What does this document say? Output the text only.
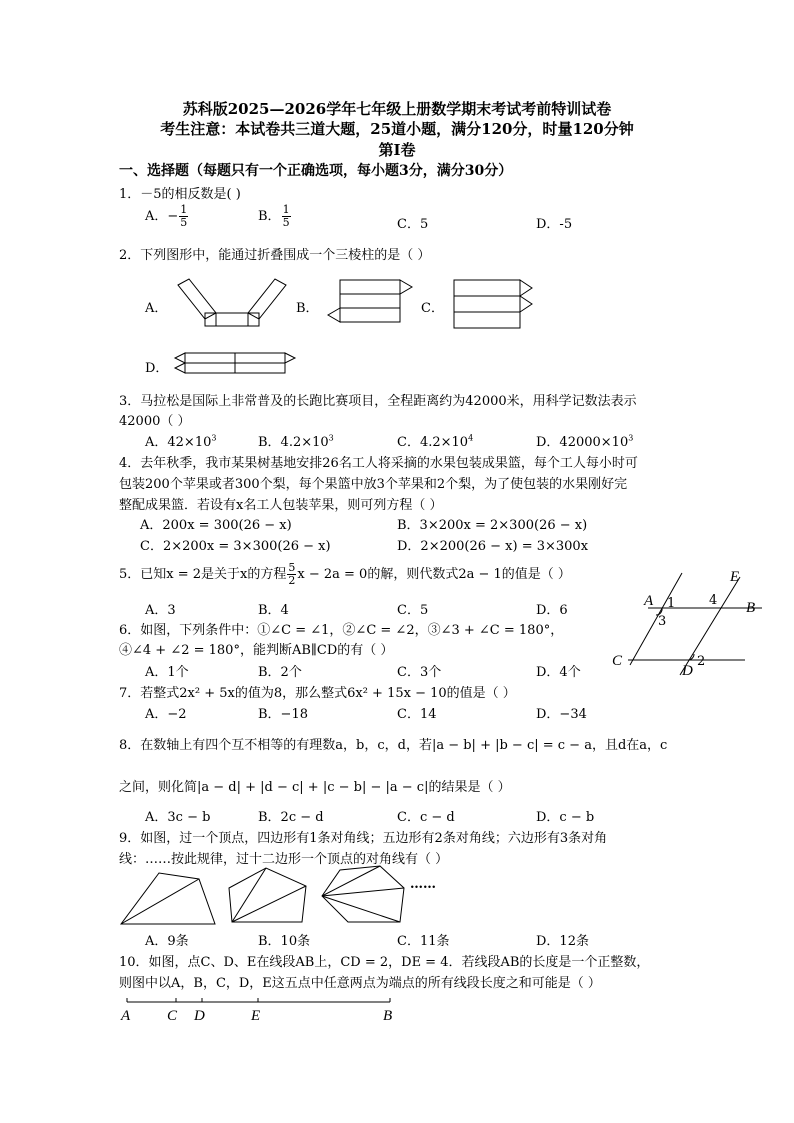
苏科版2025—2026学年七年级上册数学期末考试考前特训试卷
考生注意：本试卷共三道大题，25道小题，满分120分，时量120分钟
第Ⅰ卷
一、选择题（每题只有一个正确选项，每小题3分，满分30分）
1．－5的相反数是( )
A．− $\frac{1}{5}$	B． $\frac{1}{5}$	C．5	D．-5
2．下列图形中，能通过折叠围成一个三棱柱的是（ ）
A．	B．	C．
D．
3．马拉松是国际上非常普及的长跑比赛项目，全程距离约为42000米，用科学记数法表示
42000（ ）
A．$42\times 10^3$	B．$4.2\times 10^3$	C．$4.2\times 10^4$	D．$42000\times 10^3$
4．去年秋季，我市某果树基地安排26名工人将采摘的水果包装成果篮，每个工人每小时可
包装200个苹果或者300个梨，每个果篮中放3个苹果和2个梨，为了使包装的水果刚好完
整配成果篮．若设有x名工人包装苹果，则可列方程（ ）
A．200x = 300(26 − x)	B．3×200x = 2×300(26 − x)
C．2×200x = 3×300(26 − x)	D．2×200(26 − x) = 3×300x
5．已知x = 2是关于x的方程 $\frac{5}{2}$ x − 2a = 0的解，则代数式2a − 1的值是（ ）
A．3	B．4	C．5	D．6
A	B
C
D
E
1
2
3
4
6．如图，下列条件中：①∠C = ∠1，②∠C = ∠2，③∠3 + ∠C = 180°，
④∠4 + ∠2 = 180°，能判断AB∥CD的有（ ）
A．1个	B．2个	C．3个	D．4个
7．若整式2x² + 5x的值为8，那么整式6x² + 15x − 10的值是（ ）
A．−2	B．−18	C．14	D．−34
8．在数轴上有四个互不相等的有理数a，b，c，d，若|a − b| + |b − c| = c − a，且d在a，c
之间，则化简|a − d| + |d − c| + |c − b| − |a − c|的结果是（ ）
A．3c − b	B．2c − d	C．c − d	D．c − b
9．如图，过一个顶点，四边形有1条对角线；五边形有2条对角线；六边形有3条对角
线：……按此规律，过十二边形一个顶点的对角线有（ ）
……
A．9条	B．10条	C．11条	D．12条
10．如图，点C、D、E在线段AB上，CD = 2，DE = 4．若线段AB的长度是一个正整数，
则图中以A，B，C，D，E这五点中任意两点为端点的所有线段长度之和可能是（ ）
A C D	E	B
